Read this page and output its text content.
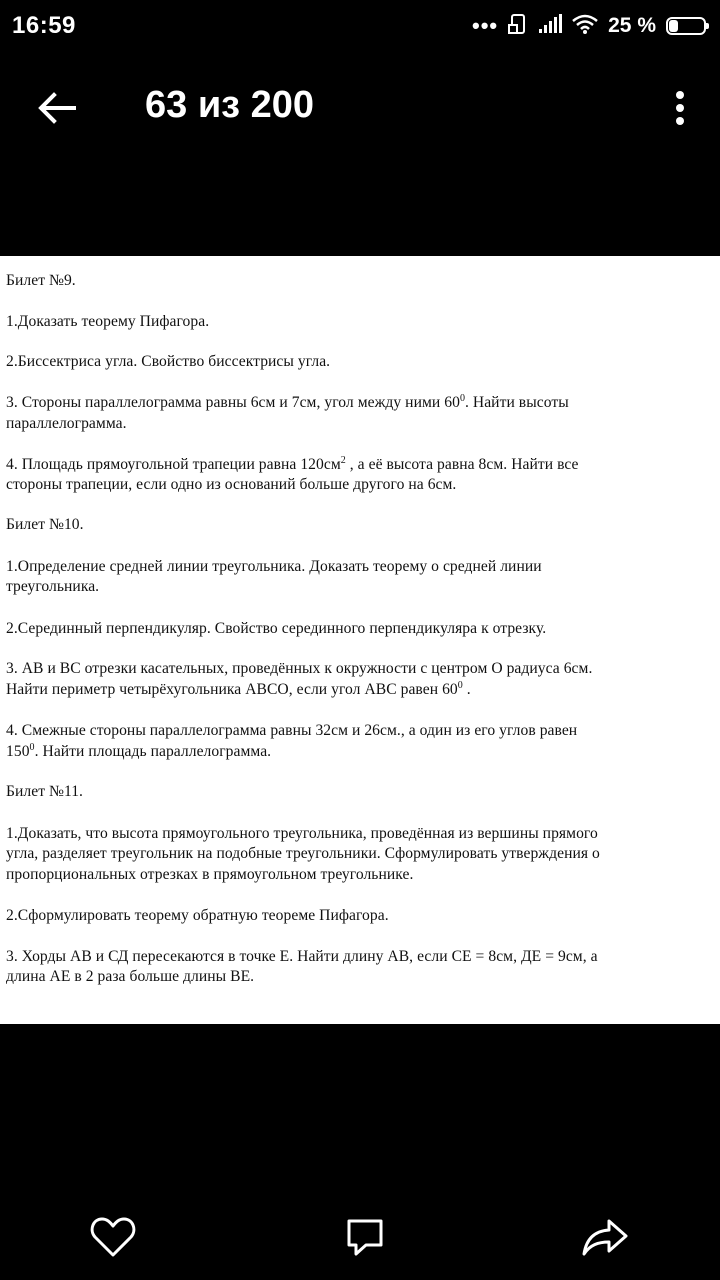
16:59	•••	25 %
63 из 200
Билет №9.
1.Доказать теорему Пифагора.
2.Биссектриса угла. Свойство биссектрисы угла.
3. Стороны параллелограмма равны 6см и 7см, угол между ними $60^0$. Найти высоты
параллелограмма.
4. Площадь прямоугольной трапеции равна $120см^2$ , а её высота равна 8см. Найти все
стороны трапеции, если одно из оснований больше другого на 6см.
Билет №10.
1.Определение средней линии треугольника. Доказать теорему о средней линии
треугольника.
2.Серединный перпендикуляр. Свойство серединного перпендикуляра к отрезку.
3. АВ и ВС отрезки касательных, проведённых к окружности с центром О радиуса 6см.
Найти периметр четырёхугольника АВСО, если угол АВС равен $60^0$ .
4. Смежные стороны параллелограмма равны 32см и 26см., а один из его углов равен
$150^0$. Найти площадь параллелограмма.
Билет №11.
1.Доказать, что высота прямоугольного треугольника, проведённая из вершины прямого
угла, разделяет треугольник на подобные треугольники. Сформулировать утверждения о
пропорциональных отрезках в прямоугольном треугольнике.
2.Сформулировать теорему обратную теореме Пифагора.
3. Хорды АВ и СД пересекаются в точке Е. Найти длину АВ, если СЕ = 8см, ДЕ = 9см, а
длина АЕ в 2 раза больше длины ВЕ.
